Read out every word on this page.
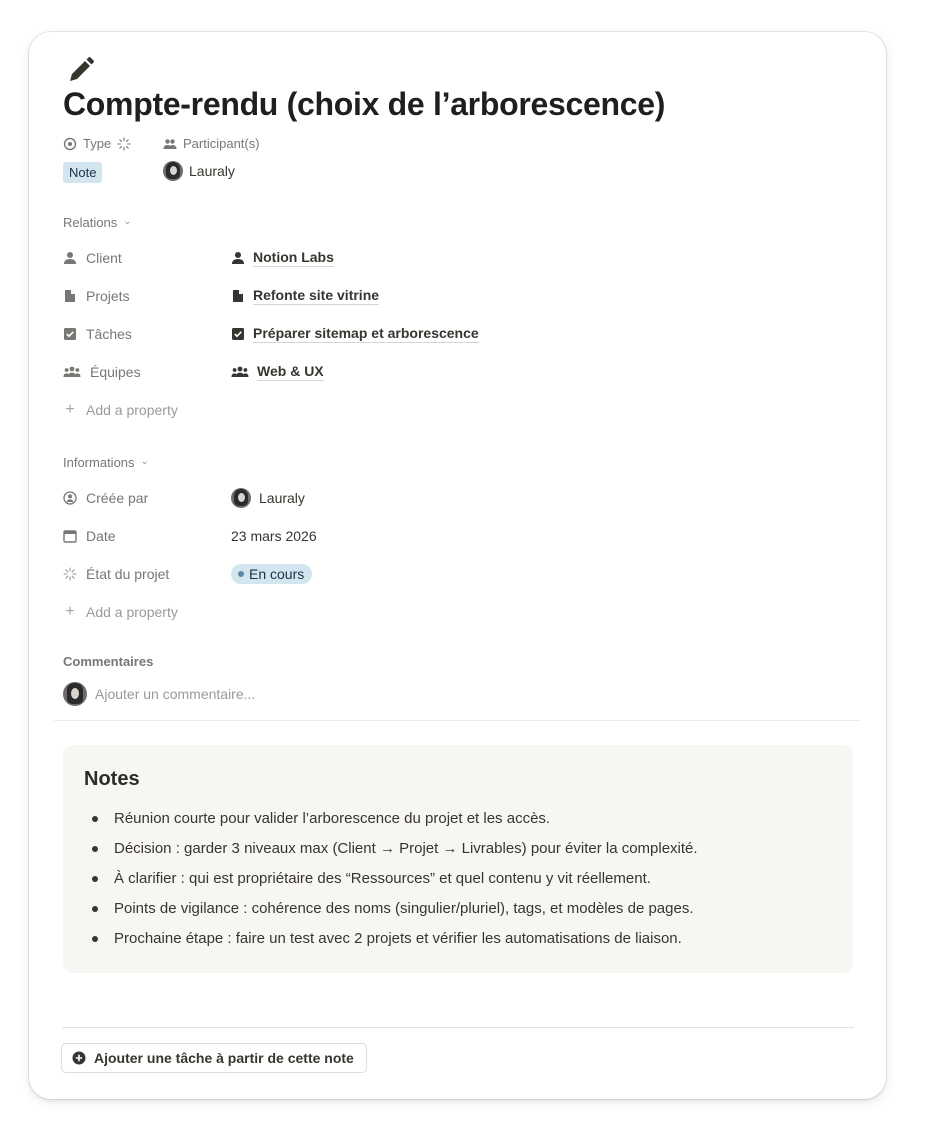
Compte-rendu (choix de l’arborescence)
Type	Participant(s)
Note	Lauraly
Relations ⌄
Client	Notion Labs
Projets	Refonte site vitrine
Tâches	Préparer sitemap et arborescence
Équipes	Web & UX
+ Add a property
Informations ⌄
Créée par	Lauraly
Date	23 mars 2026
État du projet	En cours
+ Add a property
Commentaires
Ajouter un commentaire...
Notes
Réunion courte pour valider l’arborescence du projet et les accès.
Décision : garder 3 niveaux max (Client → Projet → Livrables) pour éviter la complexité.
À clarifier : qui est propriétaire des “Ressources” et quel contenu y vit réellement.
Points de vigilance : cohérence des noms (singulier/pluriel), tags, et modèles de pages.
Prochaine étape : faire un test avec 2 projets et vérifier les automatisations de liaison.
Ajouter une tâche à partir de cette note
